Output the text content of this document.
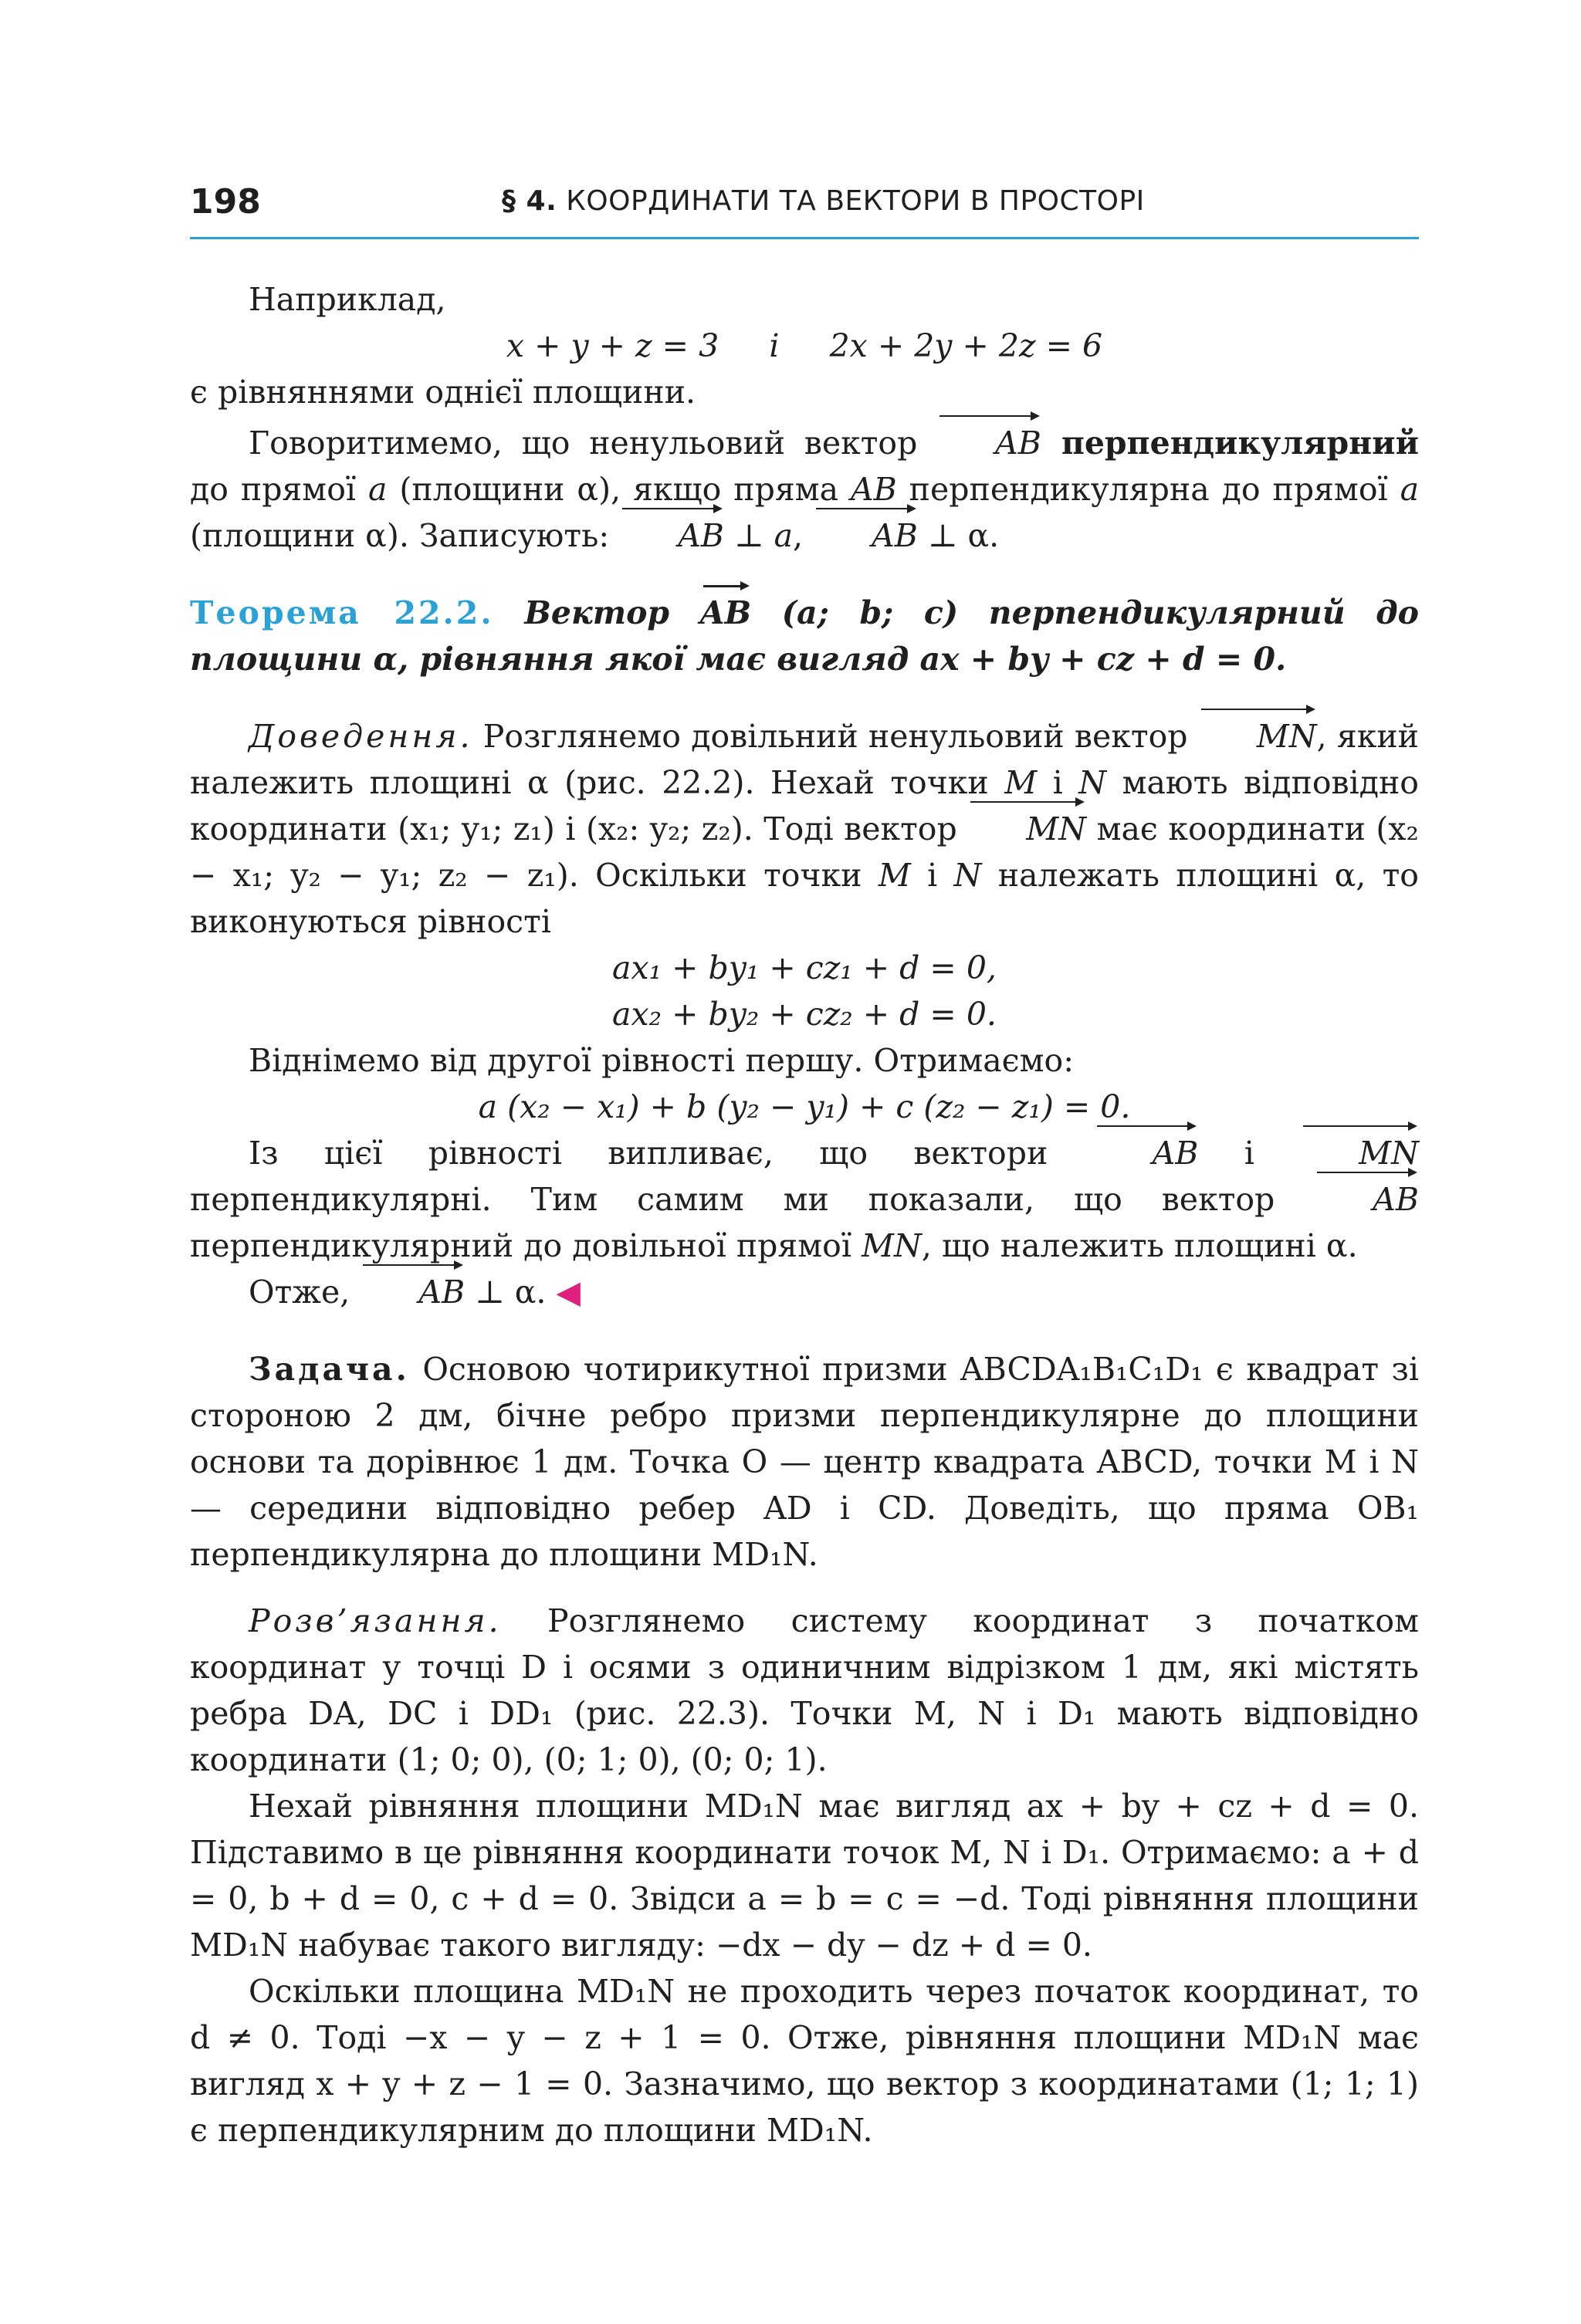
198	§ 4. КООРДИНАТИ ТА ВЕКТОРИ В ПРОСТОРІ

Наприклад,

x + y + z = 3     і     2x + 2y + 2z = 6

є рівняннями однієї площини.

Говоритимемо, що ненульовий вектор AB перпендикулярний до прямої a (площини α), якщо пряма AB перпендикулярна до прямої a (площини α). Записують: AB ⊥ a, AB ⊥ α.

Теорема 22.2. Вектор AB (a; b; c) перпендикулярний до площини α, рівняння якої має вигляд ax + by + cz + d = 0.

Доведення. Розглянемо довільний ненульовий вектор MN, який належить площині α (рис. 22.2). Нехай точки M і N мають відповідно координати (x₁; y₁; z₁) і (x₂: y₂; z₂). Тоді вектор MN має координати (x₂ − x₁; y₂ − y₁; z₂ − z₁). Оскільки точки M і N належать площині α, то виконуються рівності

ax₁ + by₁ + cz₁ + d = 0,

ax₂ + by₂ + cz₂ + d = 0.

Віднімемо від другої рівності першу. Отримаємо:

a (x₂ − x₁) + b (y₂ − y₁) + c (z₂ − z₁) = 0.

Із цієї рівності випливає, що вектори AB і MN перпендикулярні. Тим самим ми показали, що вектор AB перпендикулярний до довільної прямої MN, що належить площині α.

Отже, AB ⊥ α. ◀

Задача. Основою чотирикутної призми ABCDA₁B₁C₁D₁ є квадрат зі стороною 2 дм, бічне ребро призми перпендикулярне до площини основи та дорівнює 1 дм. Точка O — центр квадрата ABCD, точки M і N — середини відповідно ребер AD і CD. Доведіть, що пряма OB₁ перпендикулярна до площини MD₁N.

Розв’язання. Розглянемо систему координат з початком координат у точці D і осями з одиничним відрізком 1 дм, які містять ребра DA, DC і DD₁ (рис. 22.3). Точки M, N і D₁ мають відповідно координати (1; 0; 0), (0; 1; 0), (0; 0; 1).

Нехай рівняння площини MD₁N має вигляд ax + by + cz + d = 0. Підставимо в це рівняння координати точок M, N і D₁. Отримаємо: a + d = 0, b + d = 0, c + d = 0. Звідси a = b = c = −d. Тоді рівняння площини MD₁N набуває такого вигляду: −dx − dy − dz + d = 0.

Оскільки площина MD₁N не проходить через початок координат, то d ≠ 0. Тоді −x − y − z + 1 = 0. Отже, рівняння площини MD₁N має вигляд x + y + z − 1 = 0. Зазначимо, що вектор з координатами (1; 1; 1) є перпендикулярним до площини MD₁N.
